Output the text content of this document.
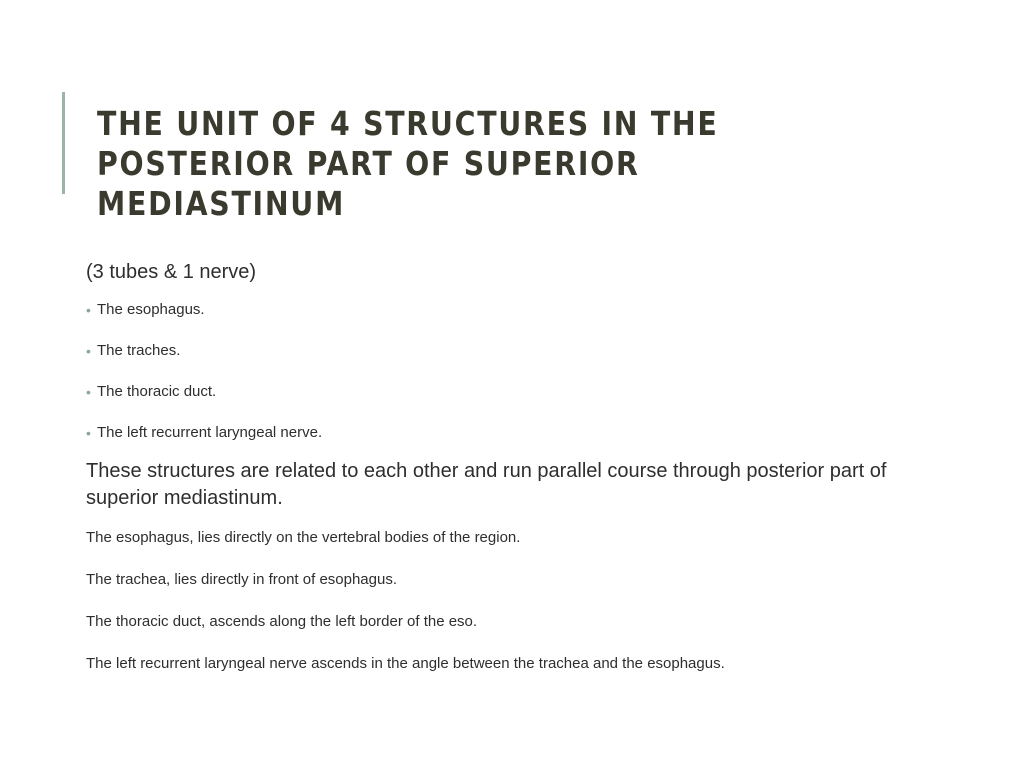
THE UNIT OF 4 STRUCTURES IN THE
POSTERIOR PART OF SUPERIOR MEDIASTINUM

(3 tubes & 1 nerve)

• The esophagus.
• The traches.
• The thoracic duct.
• The left recurrent laryngeal nerve.

These structures are related to each other and run parallel course through posterior part of superior mediastinum.

The esophagus, lies directly on the vertebral bodies of the region.

The trachea, lies directly in front of esophagus.

The thoracic duct, ascends along the left border of the eso.

The left recurrent laryngeal nerve ascends in the angle between the trachea and the esophagus.
